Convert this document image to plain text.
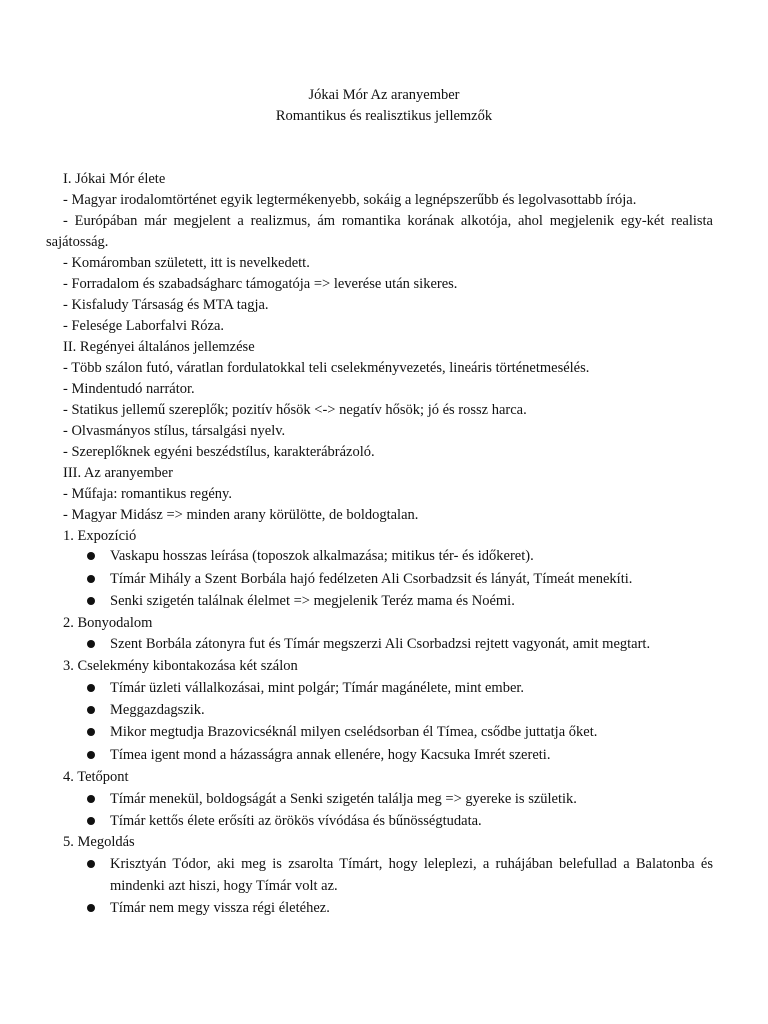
Jókai Mór Az aranyember
Romantikus és realisztikus jellemzők

I. Jókai Mór élete

- Magyar irodalomtörténet egyik legtermékenyebb, sokáig a legnépszerűbb és legolvasottabb írója.

- Európában már megjelent a realizmus, ám romantika korának alkotója, ahol megjelenik egy-két realista sajátosság.

- Komáromban született, itt is nevelkedett.

- Forradalom és szabadságharc támogatója => leverése után sikeres.

- Kisfaludy Társaság és MTA tagja.

- Felesége Laborfalvi Róza.

II. Regényei általános jellemzése

- Több szálon futó, váratlan fordulatokkal teli cselekményvezetés, lineáris történetmesélés.

- Mindentudó narrátor.

- Statikus jellemű szereplők; pozitív hősök <-> negatív hősök; jó és rossz harca.

- Olvasmányos stílus, társalgási nyelv.

- Szereplőknek egyéni beszédstílus, karakterábrázoló.

III. Az aranyember

- Műfaja: romantikus regény.

- Magyar Midász => minden arany körülötte, de boldogtalan.

1. Expozíció

Vaskapu hosszas leírása (toposzok alkalmazása; mitikus tér- és időkeret).

Tímár Mihály a Szent Borbála hajó fedélzeten Ali Csorbadzsit és lányát, Tímeát menekíti.

Senki szigetén találnak élelmet => megjelenik Teréz mama és Noémi.

2. Bonyodalom

Szent Borbála zátonyra fut és Tímár megszerzi Ali Csorbadzsi rejtett vagyonát, amit megtart.

3. Cselekmény kibontakozása két szálon

Tímár üzleti vállalkozásai, mint polgár; Tímár magánélete, mint ember.

Meggazdagszik.

Mikor megtudja Brazovicséknál milyen cselédsorban él Tímea, csődbe juttatja őket.

Tímea igent mond a házasságra annak ellenére, hogy Kacsuka Imrét szereti.

4. Tetőpont

Tímár menekül, boldogságát a Senki szigetén találja meg => gyereke is születik.

Tímár kettős élete erősíti az örökös vívódása és bűnösségtudata.

5. Megoldás

Krisztyán Tódor, aki meg is zsarolta Tímárt, hogy leleplezi, a ruhájában belefullad a Balatonba és mindenki azt hiszi, hogy Tímár volt az.

Tímár nem megy vissza régi életéhez.
